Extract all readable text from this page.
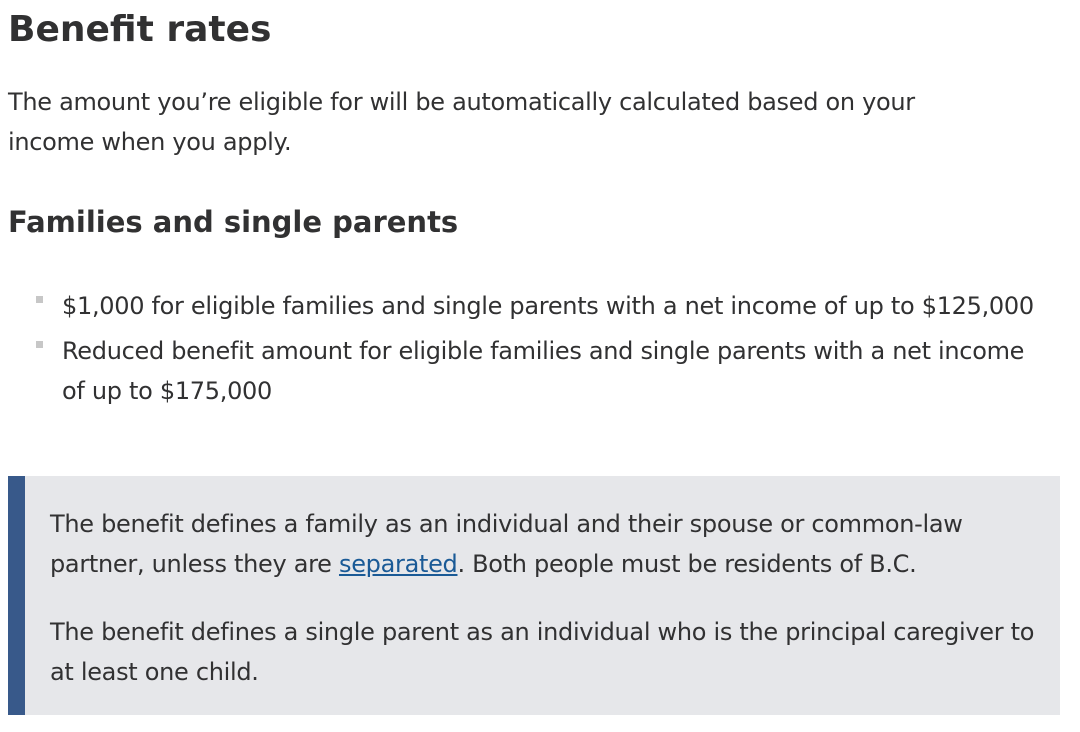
Benefit rates

The amount you’re eligible for will be automatically calculated based on your income when you apply.

Families and single parents
$1,000 for eligible families and single parents with a net income of up to $125,000
Reduced benefit amount for eligible families and single parents with a net income of up to $175,000

The benefit defines a family as an individual and their spouse or common-law partner, unless they are separated. Both people must be residents of B.C.

The benefit defines a single parent as an individual who is the principal caregiver to at least one child.
